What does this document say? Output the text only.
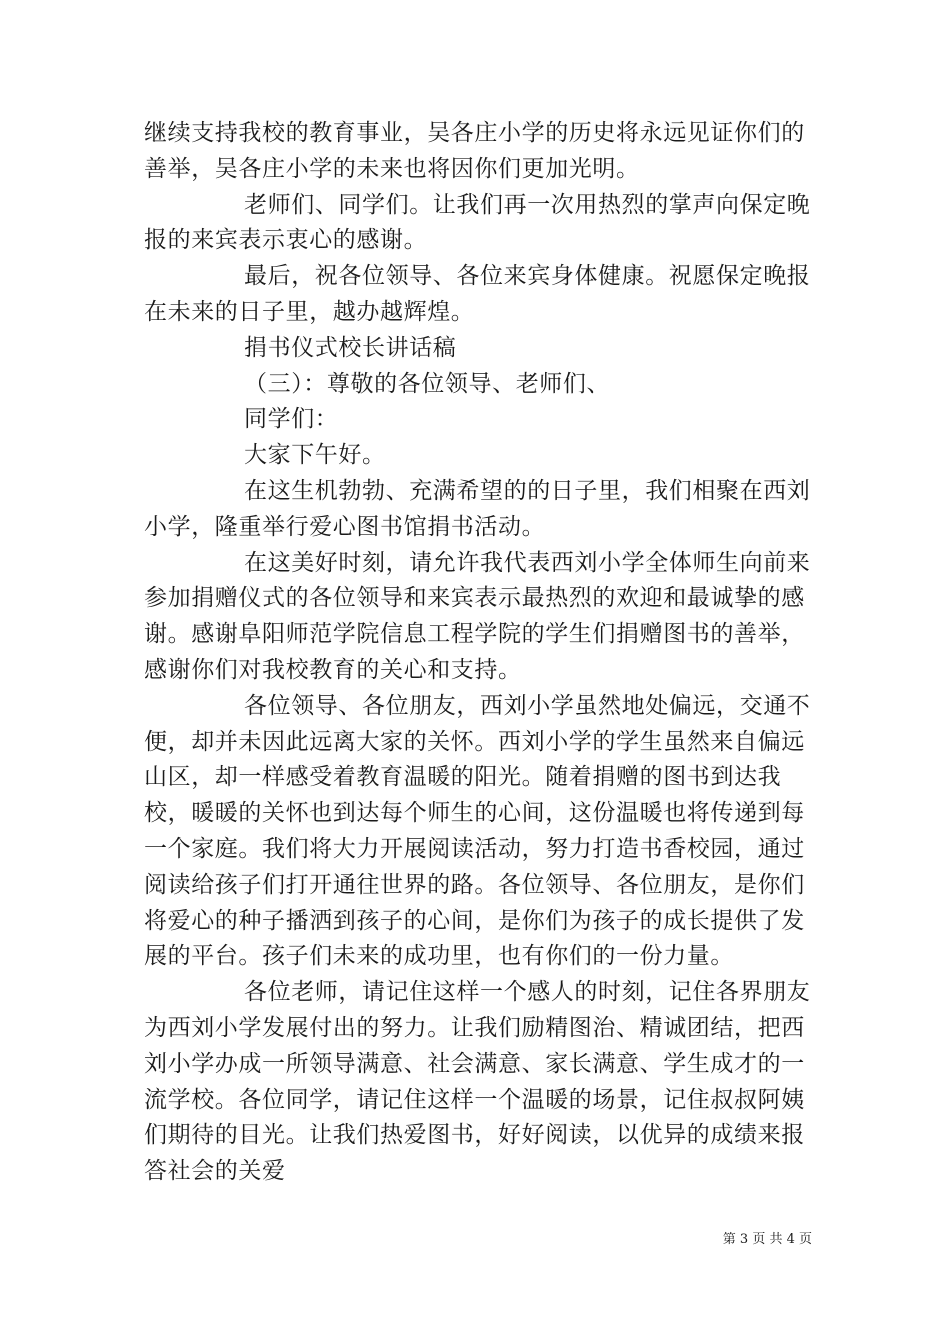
继续支持我校的教育事业，吴各庄小学的历史将永远见证你们的善举，吴各庄小学的未来也将因你们更加光明。

老师们、同学们。让我们再一次用热烈的掌声向保定晚报的来宾表示衷心的感谢。

最后，祝各位领导、各位来宾身体健康。祝愿保定晚报在未来的日子里，越办越辉煌。

捐书仪式校长讲话稿

（三）：尊敬的各位领导、老师们、

同学们：

大家下午好。

在这生机勃勃、充满希望的的日子里，我们相聚在西刘小学，隆重举行爱心图书馆捐书活动。

在这美好时刻，请允许我代表西刘小学全体师生向前来参加捐赠仪式的各位领导和来宾表示最热烈的欢迎和最诚挚的感谢。感谢阜阳师范学院信息工程学院的学生们捐赠图书的善举，感谢你们对我校教育的关心和支持。

各位领导、各位朋友，西刘小学虽然地处偏远，交通不便，却并未因此远离大家的关怀。西刘小学的学生虽然来自偏远山区，却一样感受着教育温暖的阳光。随着捐赠的图书到达我校，暖暖的关怀也到达每个师生的心间，这份温暖也将传递到每一个家庭。我们将大力开展阅读活动，努力打造书香校园，通过阅读给孩子们打开通往世界的路。各位领导、各位朋友，是你们将爱心的种子播洒到孩子的心间，是你们为孩子的成长提供了发展的平台。孩子们未来的成功里，也有你们的一份力量。

各位老师，请记住这样一个感人的时刻，记住各界朋友为西刘小学发展付出的努力。让我们励精图治、精诚团结，把西刘小学办成一所领导满意、社会满意、家长满意、学生成才的一流学校。各位同学，请记住这样一个温暖的场景，记住叔叔阿姨们期待的目光。让我们热爱图书，好好阅读，以优异的成绩来报答社会的关爱

第 3 页 共 4 页
